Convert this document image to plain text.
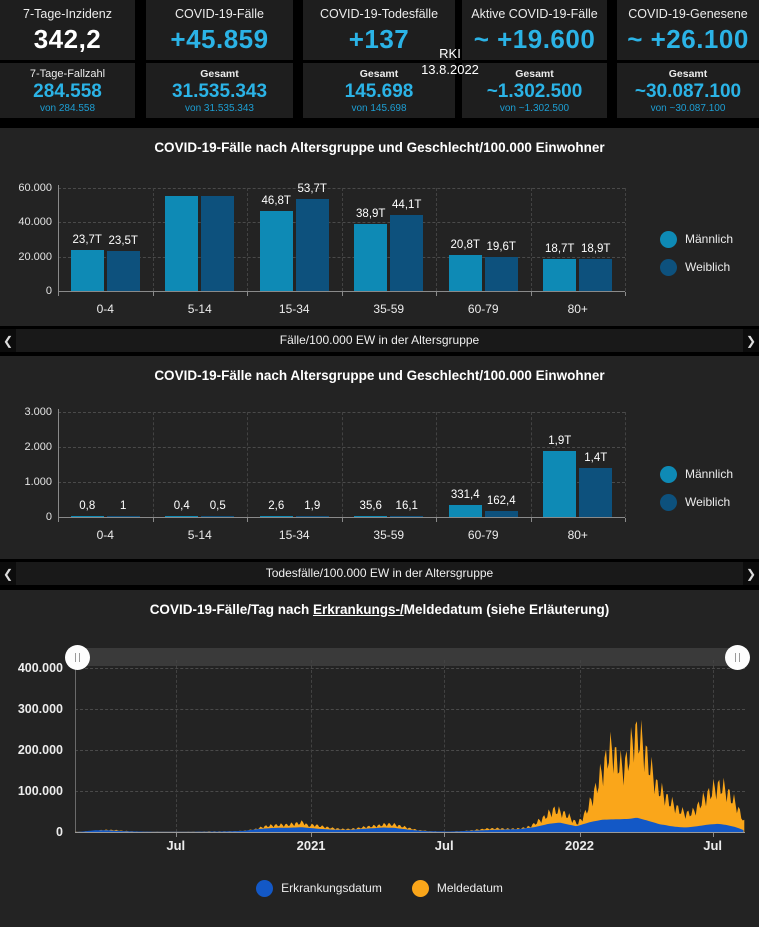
7-Tage-Inzidenz
342,2
7-Tage-Fallzahl
284.558
von 284.558
COVID-19-Fälle
+45.859
Gesamt
31.535.343
von 31.535.343
COVID-19-Todesfälle
+137
Gesamt
145.698
von 145.698
Aktive COVID-19-Fälle
~ +19.600
Gesamt
~1.302.500
von ~1.302.500
COVID-19-Genesene
~ +26.100
Gesamt
~30.087.100
von ~30.087.100
RKI
13.8.2022
COVID-19-Fälle nach Altersgruppe und Geschlecht/100.000 Einwohner
Männlich
Weiblich
Fälle/100.000 EW in der Altersgruppe
❮	❯
0
20.000
40.000
60.000
23,7T 23,5T
0-4	5-14
46,8T
53,7T
15-34
38,9T
44,1T
35-59
20,8T 19,6T
60-79
18,7T 18,9T
80+
COVID-19-Fälle nach Altersgruppe und Geschlecht/100.000 Einwohner
Männlich
Weiblich
Todesfälle/100.000 EW in der Altersgruppe
❮	❯
0
1.000
2.000
3.000
0,8	1
0-4
0,4	0,5
5-14
2,6	1,9
15-34
35,6	16,1
35-59
331,4 162,4
60-79
1,9T
1,4T
80+
COVID-19-Fälle/Tag nach Erkrankungs-/Meldedatum (siehe Erläuterung)
Erkrankungsdatum	Meldedatum
0
100.000
200.000
300.000
400.000
Jul	2021	Jul	2022	Jul
